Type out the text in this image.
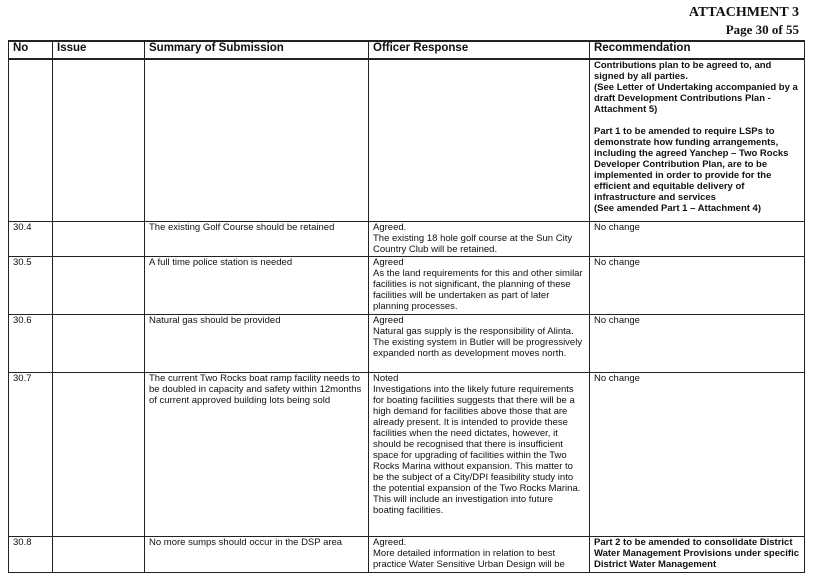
ATTACHMENT 3
Page 30 of 55
No	Issue	Summary of Submission	Officer Response	Recommendation

				Contributions plan to be agreed to, and signed by all parties.
(See Letter of Undertaking accompanied by a draft Development Contributions Plan - Attachment 5)
Part 1 to be amended to require LSPs to demonstrate how funding arrangements, including the agreed Yanchep – Two Rocks Developer Contribution Plan, are to be implemented in order to provide for the efficient and equitable delivery of infrastructure and services
(See amended Part 1 – Attachment 4)

30.4		The existing Golf Course should be retained	Agreed.
The existing 18 hole golf course at the Sun City Country Club will be retained.	No change
30.5		A full time police station is needed	Agreed
As the land requirements for this and other similar facilities is not significant, the planning of these facilities will be undertaken as part of later planning processes.	No change
30.6		Natural gas should be provided	Agreed
Natural gas supply is the responsibility of Alinta. The existing system in Butler will be progressively expanded north as development moves north.	No change
30.7		The current Two Rocks boat ramp facility needs to be doubled in capacity and safety within 12months of current approved building lots being sold	Noted
Investigations into the likely future requirements for boating facilities suggests that there will be a high demand for facilities above those that are already present. It is intended to provide these facilities when the need dictates, however, it should be recognised that there is insufficient space for upgrading of facilities within the Two Rocks Marina without expansion. This matter to be the subject of a City/DPI feasibility study into the potential expansion of the Two Rocks Marina. This will include an investigation into future boating facilities.	No change
30.8		No more sumps should occur in the DSP area	Agreed.
More detailed information in relation to best practice Water Sensitive Urban Design will be	Part 2 to be amended to consolidate District Water Management Provisions under specific District Water Management
